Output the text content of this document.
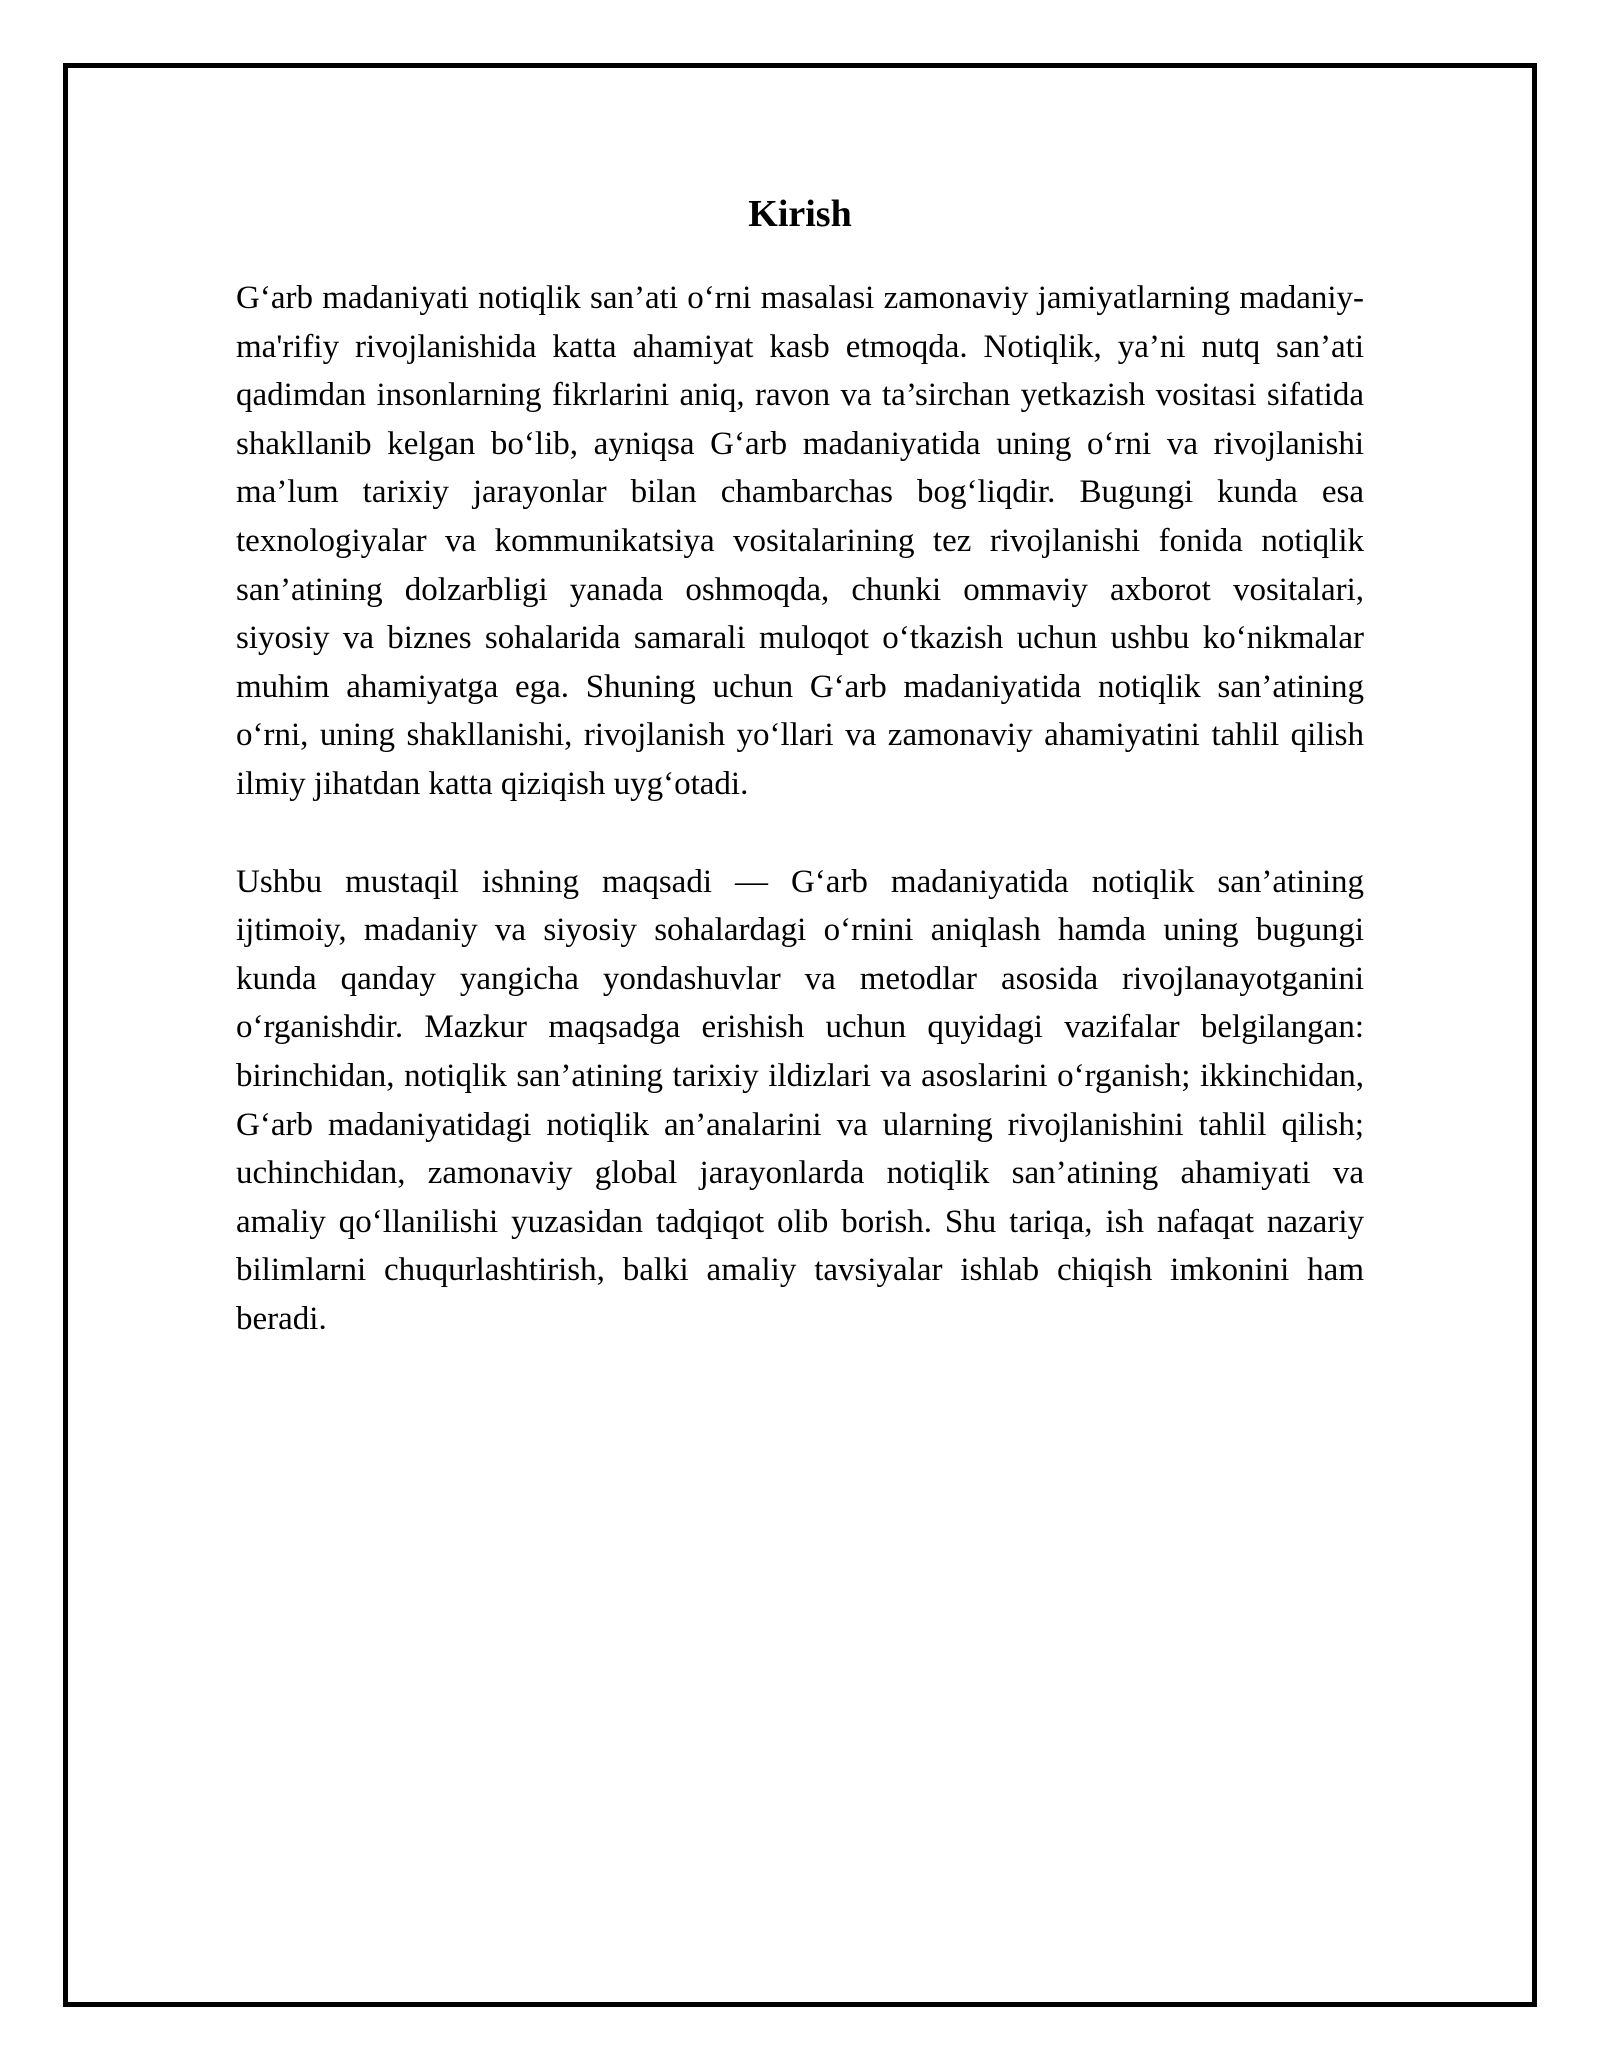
Kirish

G‘arb madaniyati notiqlik san’ati o‘rni masalasi zamonaviy jamiyatlarning madaniy-ma'rifiy rivojlanishida katta ahamiyat kasb etmoqda. Notiqlik, ya’ni nutq san’ati qadimdan insonlarning fikrlarini aniq, ravon va ta’sirchan yetkazish vositasi sifatida shakllanib kelgan bo‘lib, ayniqsa G‘arb madaniyatida uning o‘rni va rivojlanishi ma’lum tarixiy jarayonlar bilan chambarchas bog‘liqdir. Bugungi kunda esa texnologiyalar va kommunikatsiya vositalarining tez rivojlanishi fonida notiqlik san’atining dolzarbligi yanada oshmoqda, chunki ommaviy axborot vositalari, siyosiy va biznes sohalarida samarali muloqot o‘tkazish uchun ushbu ko‘nikmalar muhim ahamiyatga ega. Shuning uchun G‘arb madaniyatida notiqlik san’atining o‘rni, uning shakllanishi, rivojlanish yo‘llari va zamonaviy ahamiyatini tahlil qilish ilmiy jihatdan katta qiziqish uyg‘otadi.

Ushbu mustaqil ishning maqsadi — G‘arb madaniyatida notiqlik san’atining ijtimoiy, madaniy va siyosiy sohalardagi o‘rnini aniqlash hamda uning bugungi kunda qanday yangicha yondashuvlar va metodlar asosida rivojlanayotganini o‘rganishdir. Mazkur maqsadga erishish uchun quyidagi vazifalar belgilangan: birinchidan, notiqlik san’atining tarixiy ildizlari va asoslarini o‘rganish; ikkinchidan, G‘arb madaniyatidagi notiqlik an’analarini va ularning rivojlanishini tahlil qilish; uchinchidan, zamonaviy global jarayonlarda notiqlik san’atining ahamiyati va amaliy qo‘llanilishi yuzasidan tadqiqot olib borish. Shu tariqa, ish nafaqat nazariy bilimlarni chuqurlashtirish, balki amaliy tavsiyalar ishlab chiqish imkonini ham beradi.
